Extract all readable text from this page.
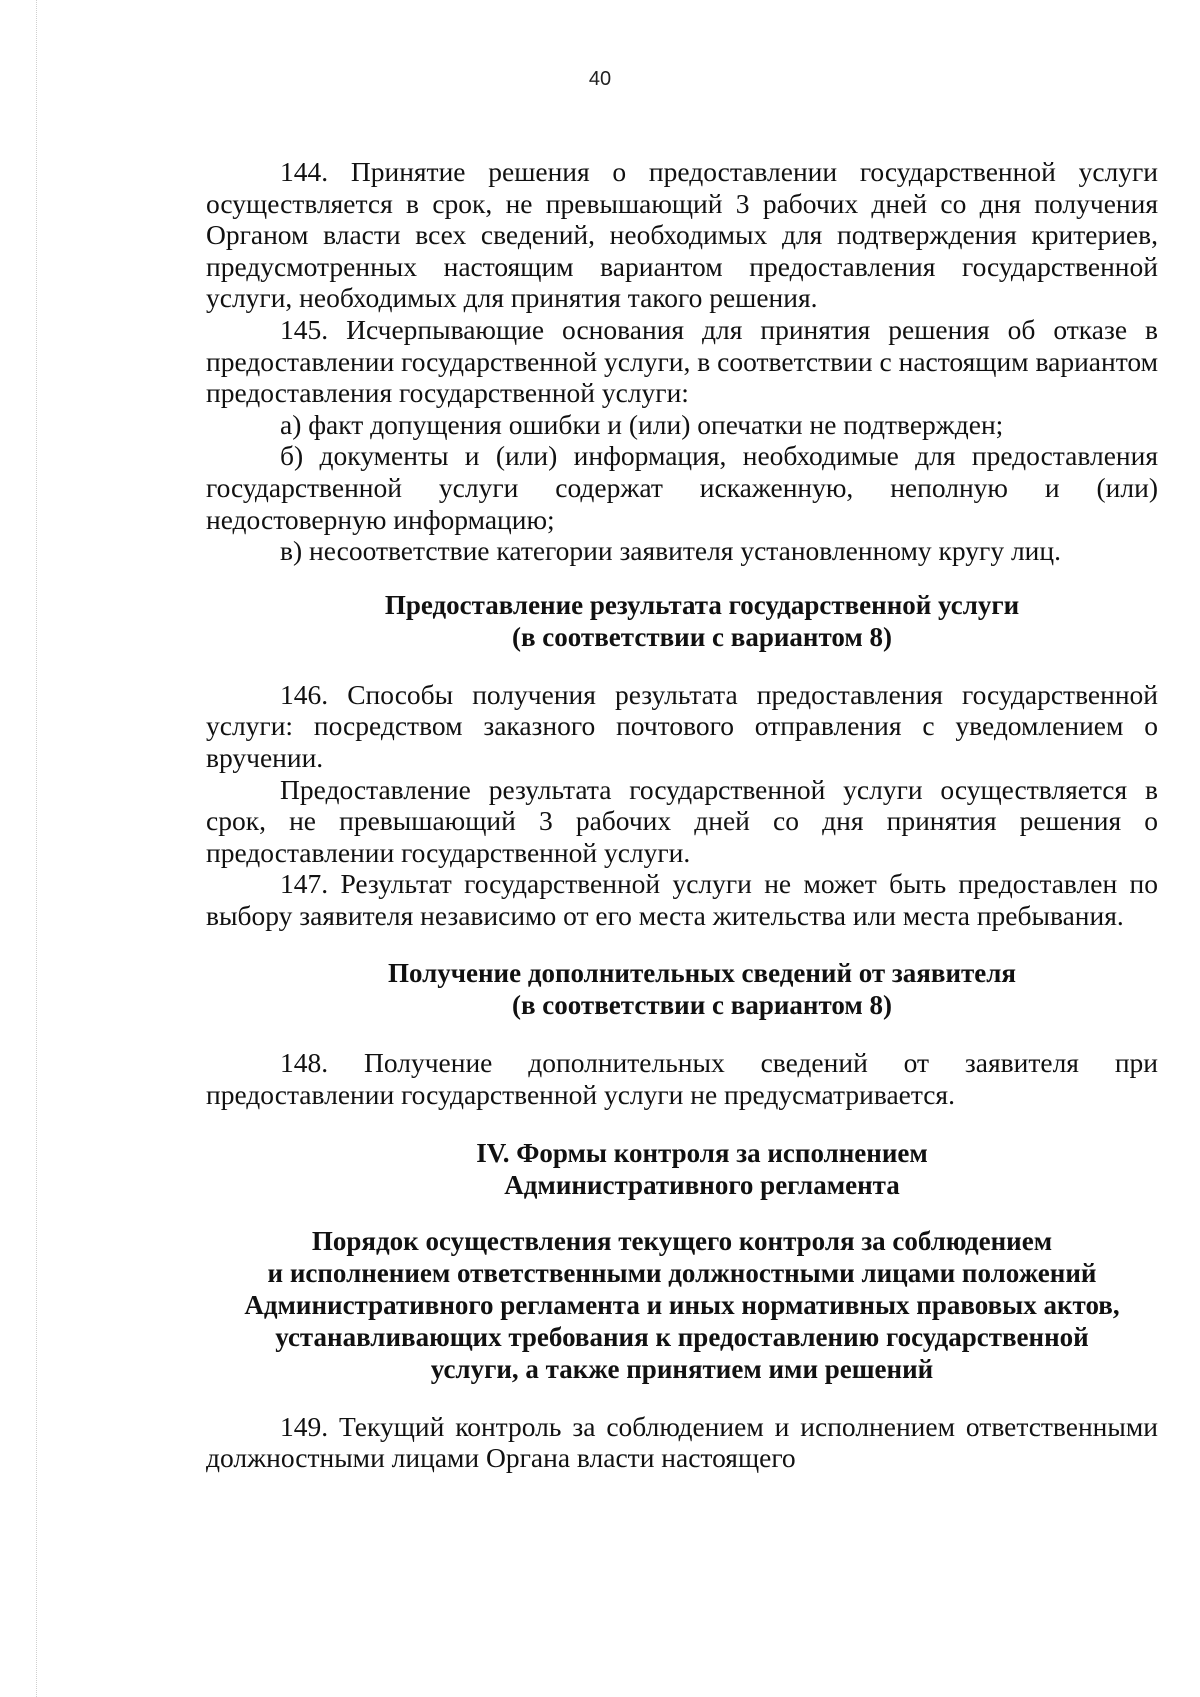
40

144. Принятие решения о предоставлении государственной услуги осуществляется в срок, не превышающий 3 рабочих дней со дня получения Органом власти всех сведений, необходимых для подтверждения критериев, предусмотренных настоящим вариантом предоставления государственной услуги, необходимых для принятия такого решения.

145. Исчерпывающие основания для принятия решения об отказе в предоставлении государственной услуги, в соответствии с настоящим вариантом предоставления государственной услуги:

а) факт допущения ошибки и (или) опечатки не подтвержден;

б) документы и (или) информация, необходимые для предоставления государственной услуги содержат искаженную, неполную и (или) недостоверную информацию;

в) несоответствие категории заявителя установленному кругу лиц.

Предоставление результата государственной услуги
(в соответствии с вариантом 8)

146. Способы получения результата предоставления государственной услуги: посредством заказного почтового отправления с уведомлением о вручении.

Предоставление результата государственной услуги осуществляется в срок, не превышающий 3 рабочих дней со дня принятия решения о предоставлении государственной услуги.

147. Результат государственной услуги не может быть предоставлен по выбору заявителя независимо от его места жительства или места пребывания.

Получение дополнительных сведений от заявителя
(в соответствии с вариантом 8)

148. Получение дополнительных сведений от заявителя при предоставлении государственной услуги не предусматривается.

IV. Формы контроля за исполнением
Административного регламента
Порядок осуществления текущего контроля за соблюдением
и исполнением ответственными должностными лицами положений
Административного регламента и иных нормативных правовых актов,
устанавливающих требования к предоставлению государственной
услуги, а также принятием ими решений

149. Текущий контроль за соблюдением и исполнением ответственными должностными лицами Органа власти настоящего
